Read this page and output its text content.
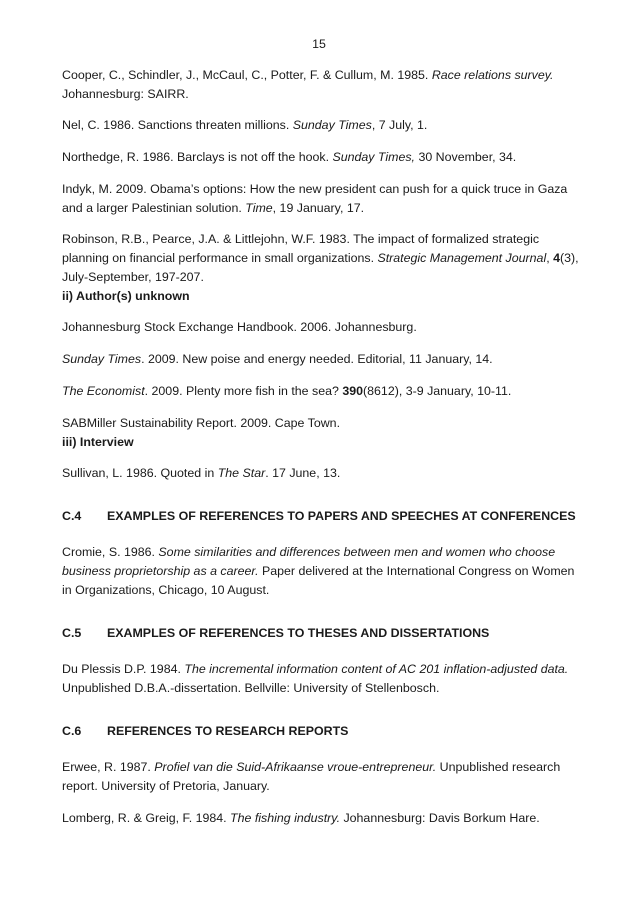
15

Cooper, C., Schindler, J., McCaul, C., Potter, F. & Cullum, M. 1985. Race relations survey. Johannesburg: SAIRR.

Nel, C. 1986. Sanctions threaten millions. Sunday Times, 7 July, 1.

Northedge, R. 1986. Barclays is not off the hook. Sunday Times, 30 November, 34.

Indyk, M. 2009. Obama’s options: How the new president can push for a quick truce in Gaza and a larger Palestinian solution. Time, 19 January, 17.

Robinson, R.B., Pearce, J.A. & Littlejohn, W.F. 1983. The impact of formalized strategic planning on financial performance in small organizations. Strategic Management Journal, 4(3), July-September, 197-207.

ii) Author(s) unknown

Johannesburg Stock Exchange Handbook. 2006. Johannesburg.

Sunday Times. 2009. New poise and energy needed. Editorial, 11 January, 14.

The Economist. 2009. Plenty more fish in the sea? 390(8612), 3-9 January, 10-11.

SABMiller Sustainability Report. 2009. Cape Town.

iii) Interview

Sullivan, L. 1986. Quoted in The Star. 17 June, 13.

C.4	EXAMPLES OF REFERENCES TO PAPERS AND SPEECHES AT CONFERENCES

Cromie, S. 1986. Some similarities and differences between men and women who choose business proprietorship as a career. Paper delivered at the International Congress on Women in Organizations, Chicago, 10 August.

C.5	EXAMPLES OF REFERENCES TO THESES AND DISSERTATIONS

Du Plessis D.P. 1984. The incremental information content of AC 201 inflation-adjusted data. Unpublished D.B.A.-dissertation. Bellville: University of Stellenbosch.

C.6	REFERENCES TO RESEARCH REPORTS

Erwee, R. 1987. Profiel van die Suid-Afrikaanse vroue-entrepreneur. Unpublished research report. University of Pretoria, January.

Lomberg, R. & Greig, F. 1984. The fishing industry. Johannesburg: Davis Borkum Hare.
